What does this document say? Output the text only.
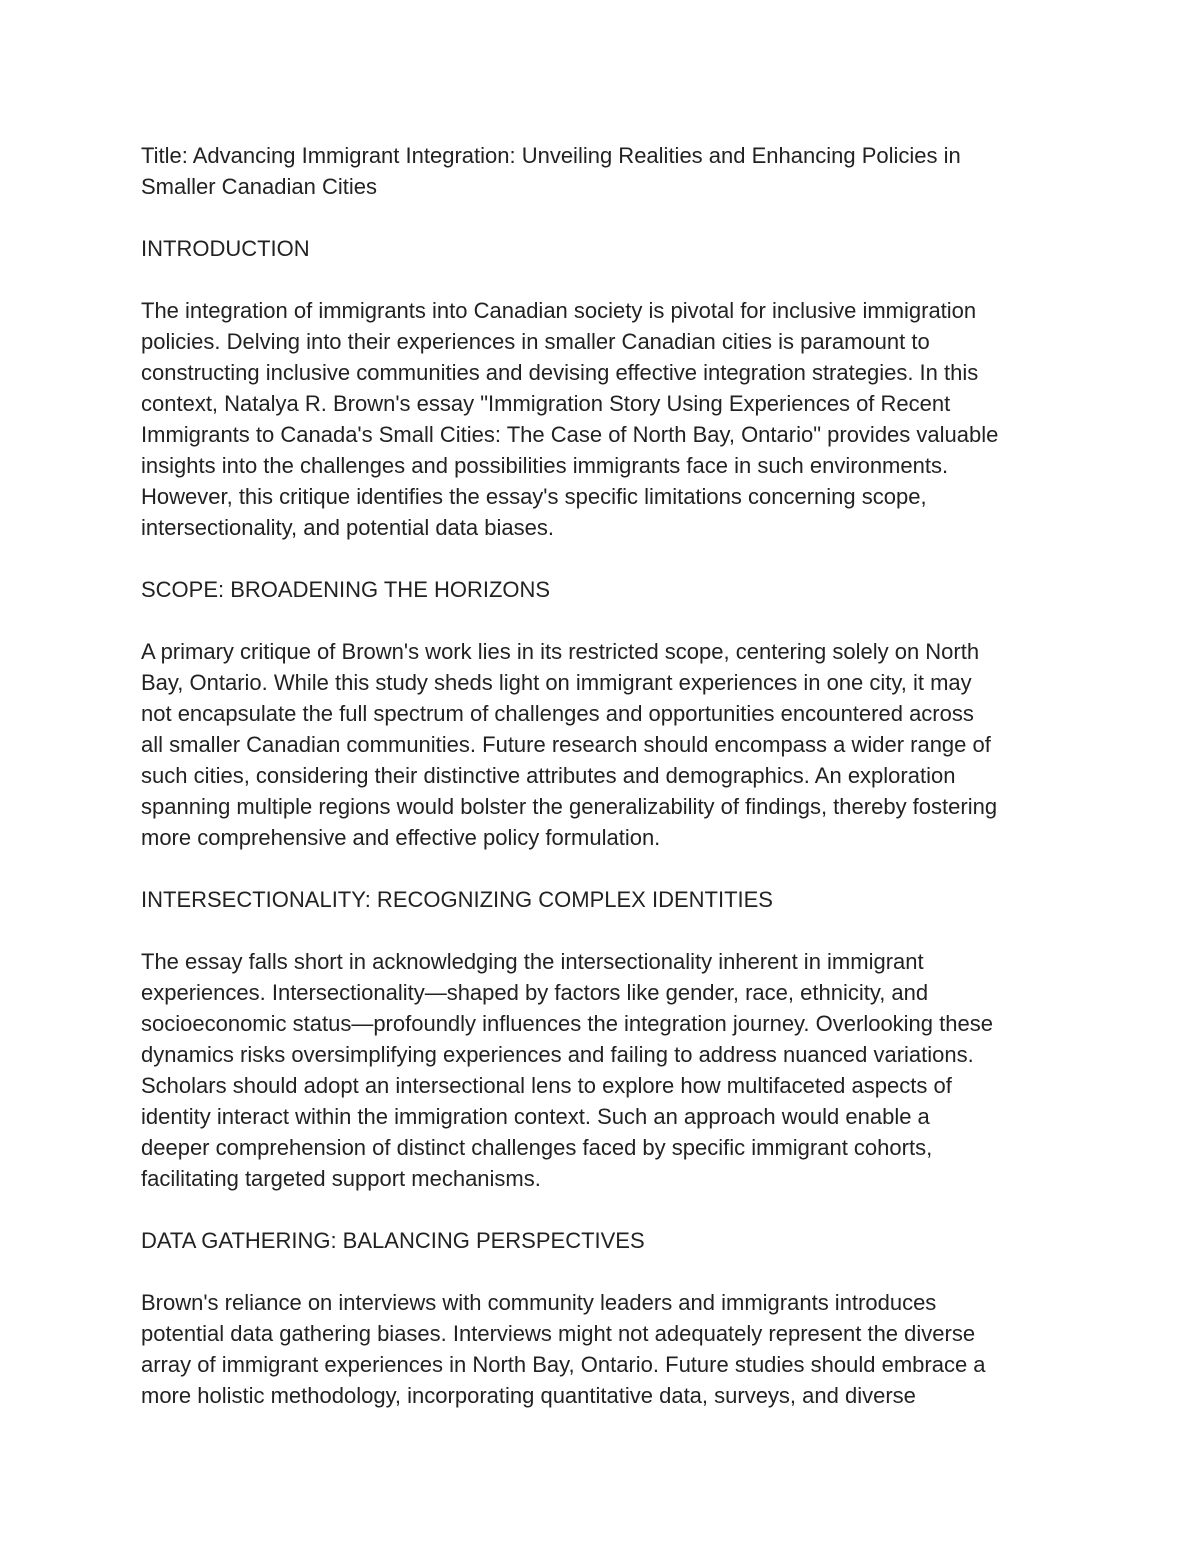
Title: Advancing Immigrant Integration: Unveiling Realities and Enhancing Policies in
Smaller Canadian Cities
INTRODUCTION
The integration of immigrants into Canadian society is pivotal for inclusive immigration
policies. Delving into their experiences in smaller Canadian cities is paramount to
constructing inclusive communities and devising effective integration strategies. In this
context, Natalya R. Brown's essay "Immigration Story Using Experiences of Recent
Immigrants to Canada's Small Cities: The Case of North Bay, Ontario" provides valuable
insights into the challenges and possibilities immigrants face in such environments.
However, this critique identifies the essay's specific limitations concerning scope,
intersectionality, and potential data biases.
SCOPE: BROADENING THE HORIZONS
A primary critique of Brown's work lies in its restricted scope, centering solely on North
Bay, Ontario. While this study sheds light on immigrant experiences in one city, it may
not encapsulate the full spectrum of challenges and opportunities encountered across
all smaller Canadian communities. Future research should encompass a wider range of
such cities, considering their distinctive attributes and demographics. An exploration
spanning multiple regions would bolster the generalizability of findings, thereby fostering
more comprehensive and effective policy formulation.
INTERSECTIONALITY: RECOGNIZING COMPLEX IDENTITIES
The essay falls short in acknowledging the intersectionality inherent in immigrant
experiences. Intersectionality—shaped by factors like gender, race, ethnicity, and
socioeconomic status—profoundly influences the integration journey. Overlooking these
dynamics risks oversimplifying experiences and failing to address nuanced variations.
Scholars should adopt an intersectional lens to explore how multifaceted aspects of
identity interact within the immigration context. Such an approach would enable a
deeper comprehension of distinct challenges faced by specific immigrant cohorts,
facilitating targeted support mechanisms.
DATA GATHERING: BALANCING PERSPECTIVES
Brown's reliance on interviews with community leaders and immigrants introduces
potential data gathering biases. Interviews might not adequately represent the diverse
array of immigrant experiences in North Bay, Ontario. Future studies should embrace a
more holistic methodology, incorporating quantitative data, surveys, and diverse
